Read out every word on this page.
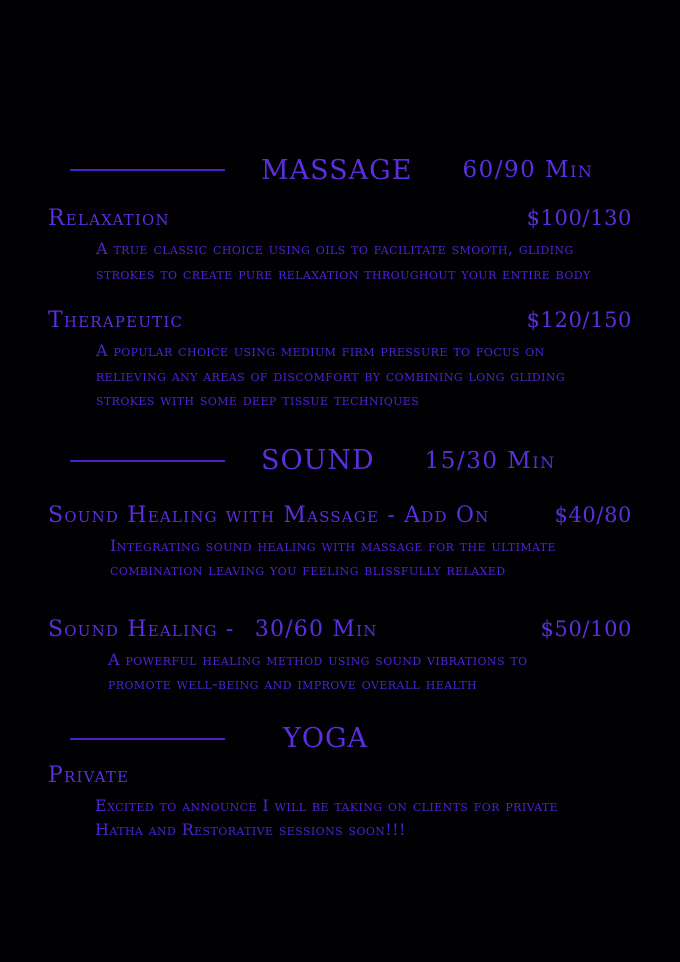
MASSAGE 60/90 Min
Relaxation	$100/130
A true classic choice using oils to facilitate smooth, gliding strokes to create pure relaxation throughout your entire body
Therapeutic	$120/150
A popular choice using medium firm pressure to focus on relieving any areas of discomfort by combining long gliding strokes with some deep tissue techniques
SOUND 15/30 Min
Sound Healing with Massage - Add On	$40/80
Integrating sound healing with massage for the ultimate combination leaving you feeling blissfully relaxed
Sound Healing - 30/60 Min	$50/100
A powerful healing method using sound vibrations to promote well-being and improve overall health
YOGA
Private
Excited to announce I will be taking on clients for private Hatha and Restorative sessions soon!!!
